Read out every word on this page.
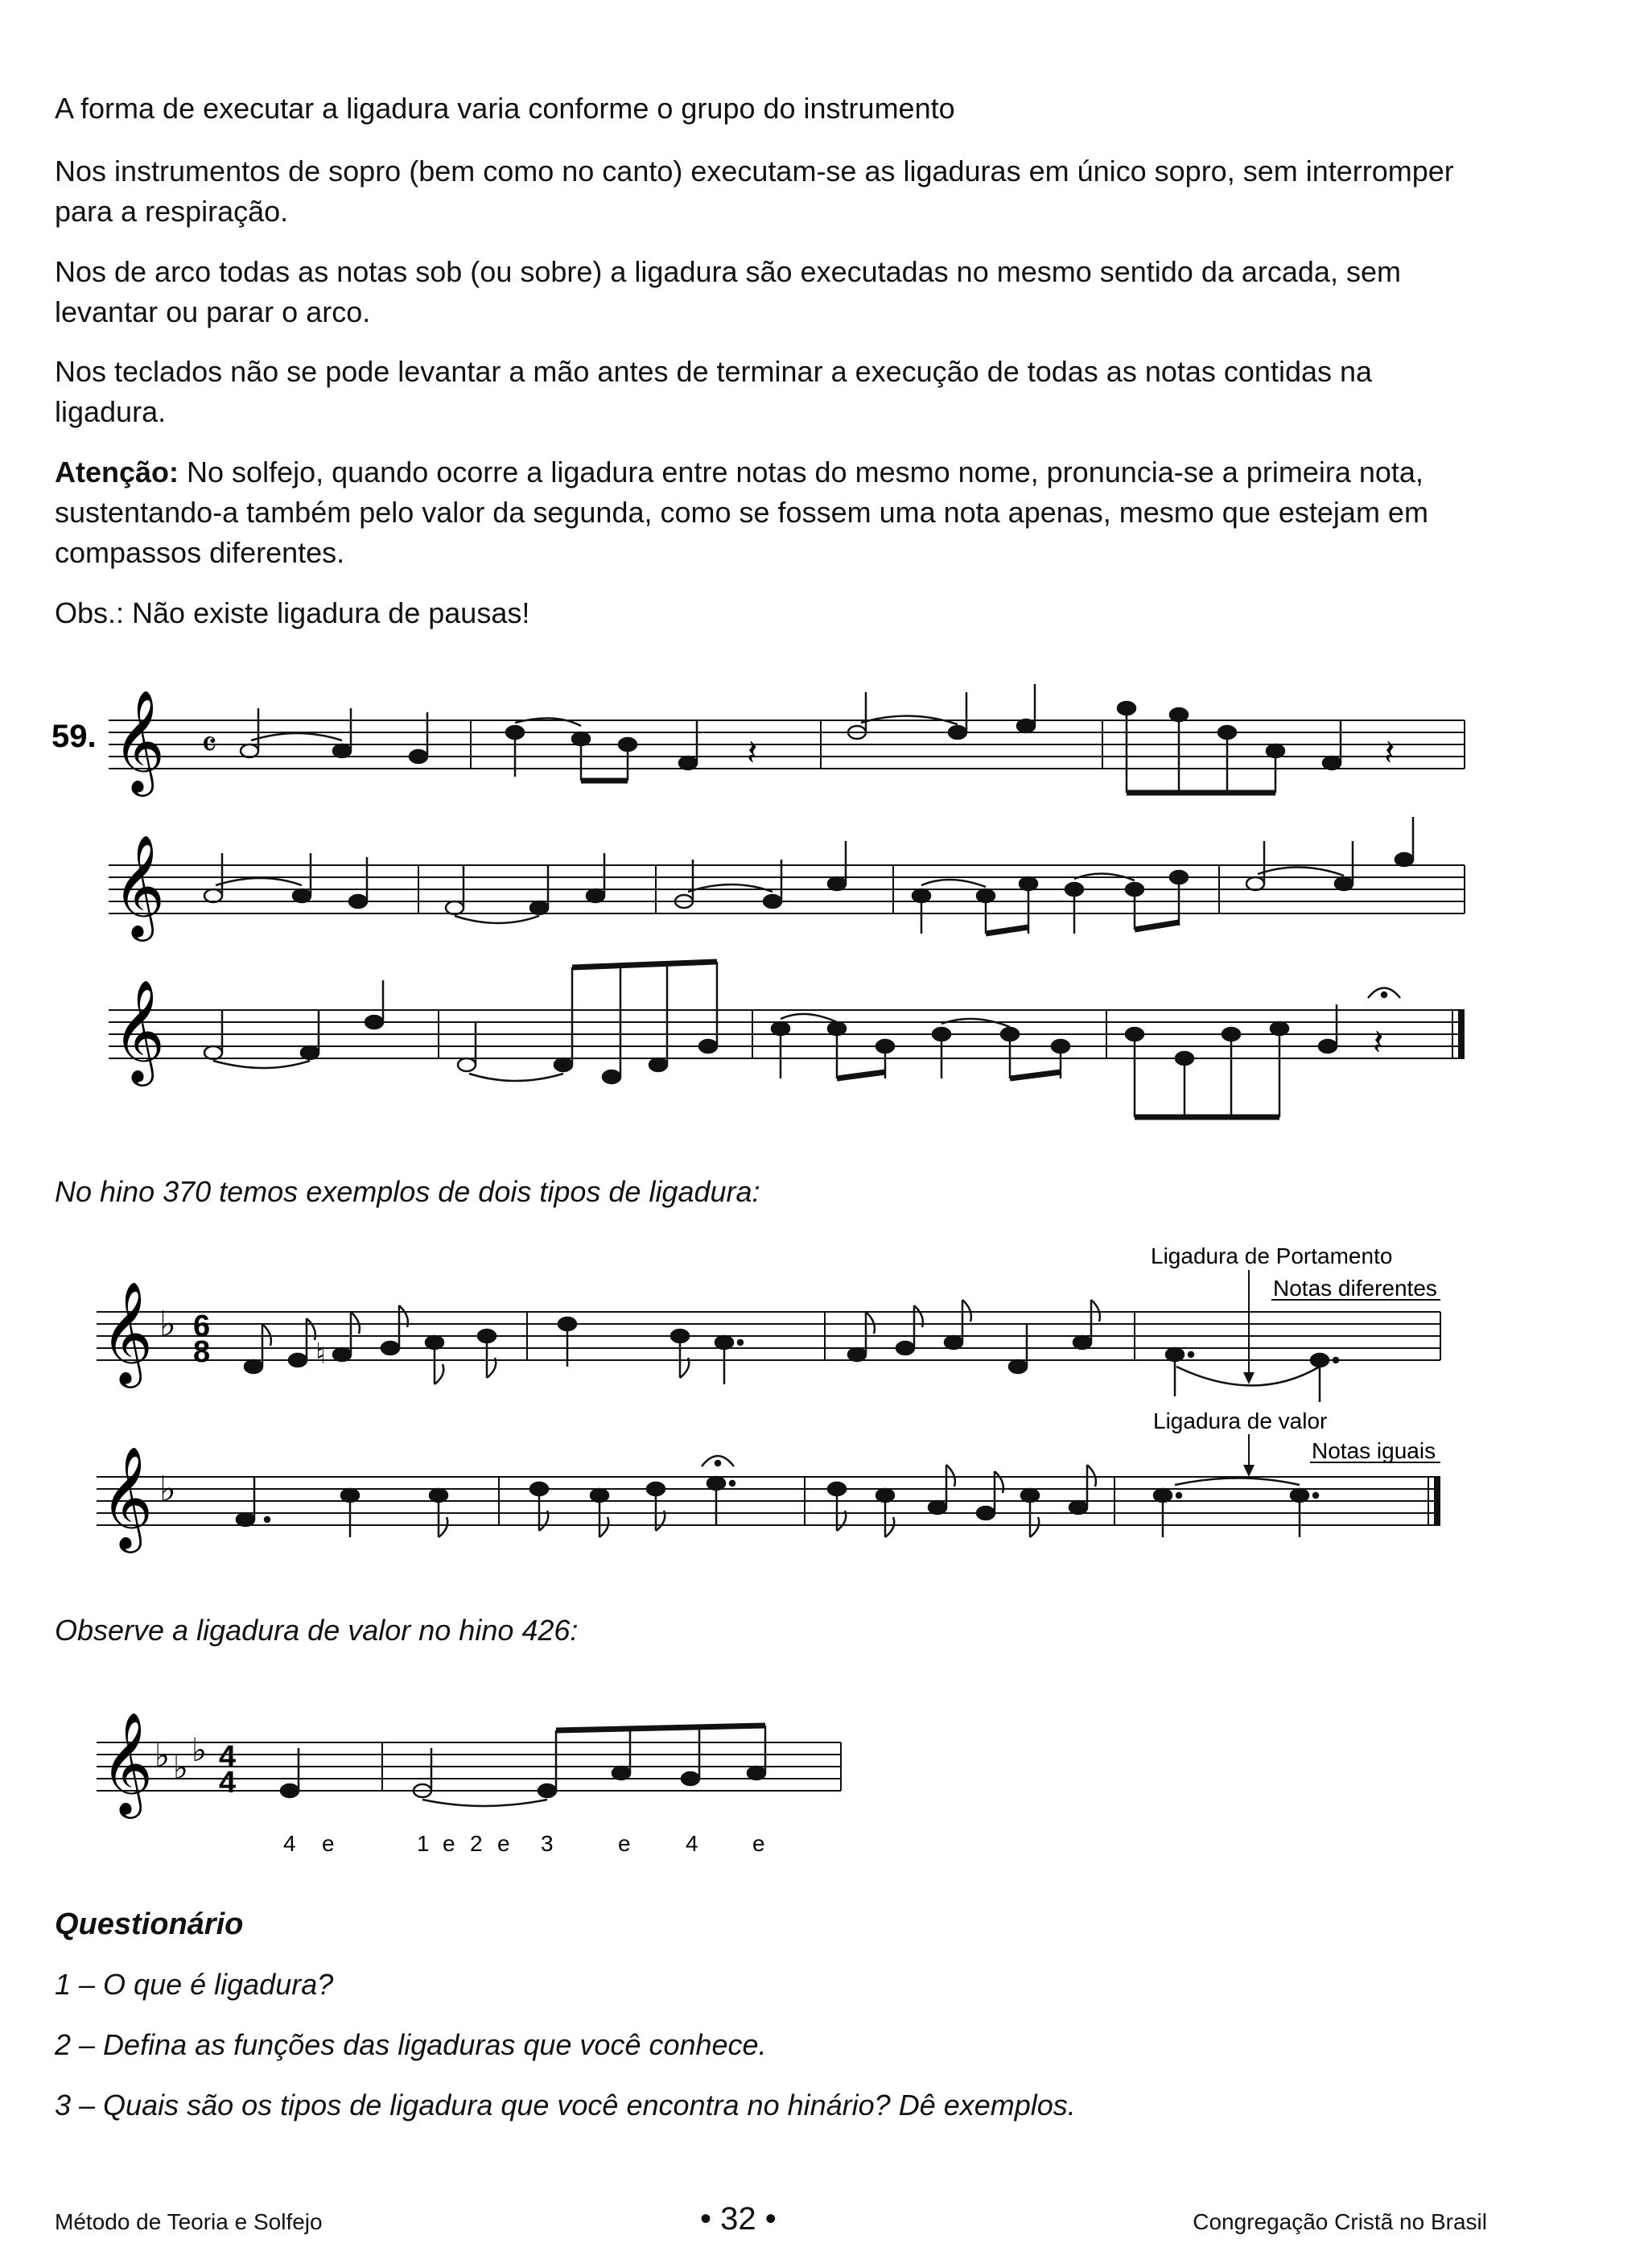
A forma de executar a ligadura varia conforme o grupo do instrumento

Nos instrumentos de sopro (bem como no canto) executam-se as ligaduras em único sopro, sem interromper para a respiração.

Nos de arco todas as notas sob (ou sobre) a ligadura são executadas no mesmo sentido da arcada, sem levantar ou parar o arco.

Nos teclados não se pode levantar a mão antes de terminar a execução de todas as notas contidas na ligadura.

Atenção: No solfejo, quando ocorre a ligadura entre notas do mesmo nome, pronuncia-se a primeira nota, sustentando-a também pelo valor da segunda, como se fossem uma nota apenas, mesmo que estejam em compassos diferentes.

Obs.: Não existe ligadura de pausas!

59. 𝄞 𝄴	𝄽	𝄽
𝄞
𝄞	𝄽
No hino 370 temos exemplos de dois tipos de ligadura:
Ligadura de Portamento
Notas diferentes
𝄞 ♭ 6
8	♮
Ligadura de valor
Notas iguais
𝄞 ♭
Observe a ligadura de valor no hino 426:
𝄞 ♭ ♭ ♭ 4
4
4 e	1 e 2 e 3	e 4 e
Questionário
1 – O que é ligadura?
2 – Defina as funções das ligaduras que você conhece.
3 – Quais são os tipos de ligadura que você encontra no hinário? Dê exemplos.
Método de Teoria e Solfejo	• 32 •	Congregação Cristã no Brasil
